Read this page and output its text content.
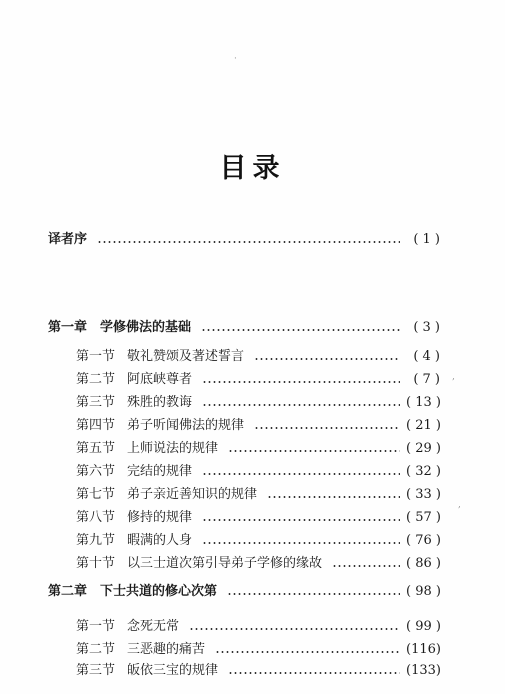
目录
译者序	( 1 )
第一章 学修佛法的基础	( 3 )
第一节 敬礼赞颂及著述誓言	( 4 )
第二节 阿底峡尊者	( 7 )
第三节 殊胜的教诲	( 13 )
第四节 弟子听闻佛法的规律	( 21 )
第五节 上师说法的规律	( 29 )
第六节 完结的规律	( 32 )
第七节 弟子亲近善知识的规律	( 33 )
第八节 修持的规律	( 57 )
第九节 暇满的人身	( 76 )
第十节 以三士道次第引导弟子学修的缘故	( 86 )
第二章 下士共道的修心次第	( 98 )
第一节 念死无常	( 99 )
第二节 三恶趣的痛苦	(116)
第三节 皈依三宝的规律	(133)
·
‚
,
